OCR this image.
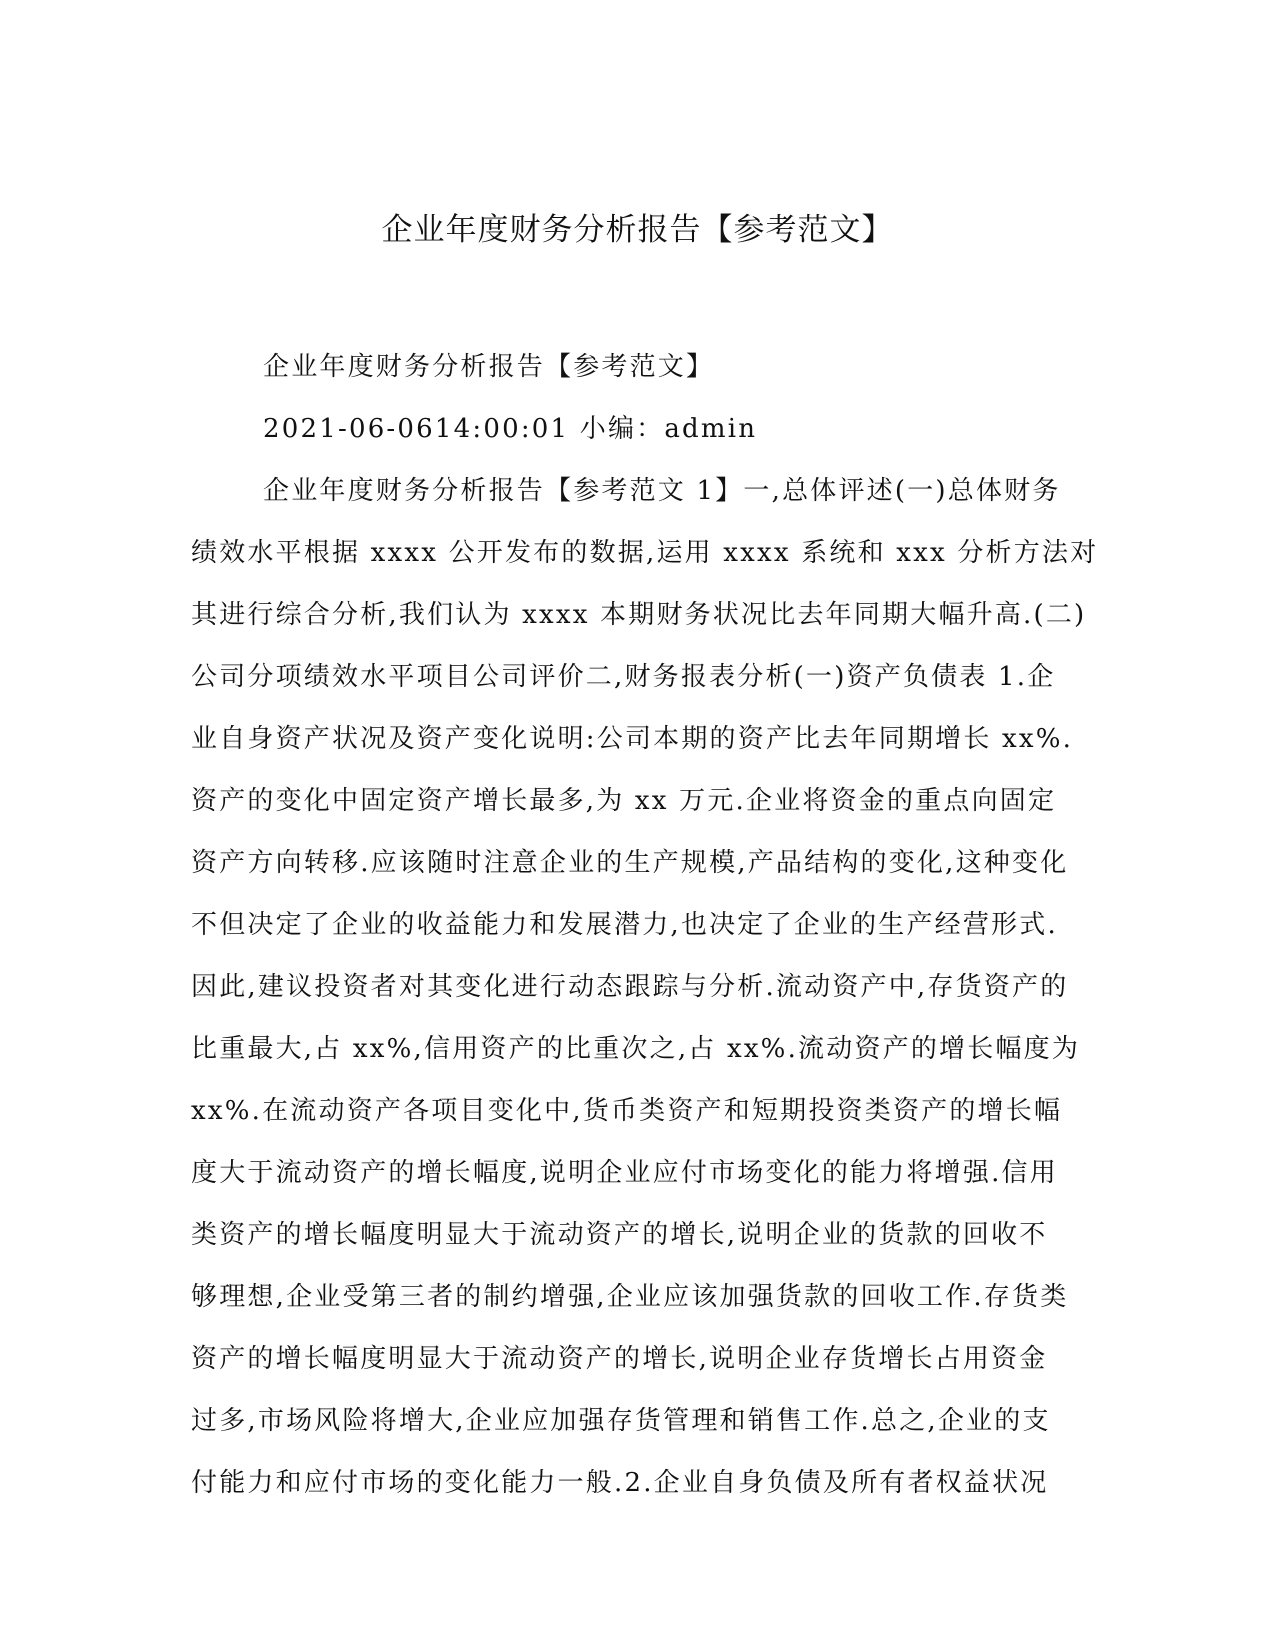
企业年度财务分析报告【参考范文】
企业年度财务分析报告【参考范文】
2021-06-0614:00:01 小编：admin
企业年度财务分析报告【参考范文 1】一,总体评述(一)总体财务
绩效水平根据 xxxx 公开发布的数据,运用 xxxx 系统和 xxx 分析方法对
其进行综合分析,我们认为 xxxx 本期财务状况比去年同期大幅升高.(二)
公司分项绩效水平项目公司评价二,财务报表分析(一)资产负债表 1.企
业自身资产状况及资产变化说明:公司本期的资产比去年同期增长 xx%.
资产的变化中固定资产增长最多,为 xx 万元.企业将资金的重点向固定
资产方向转移.应该随时注意企业的生产规模,产品结构的变化,这种变化
不但决定了企业的收益能力和发展潜力,也决定了企业的生产经营形式.
因此,建议投资者对其变化进行动态跟踪与分析.流动资产中,存货资产的
比重最大,占 xx%,信用资产的比重次之,占 xx%.流动资产的增长幅度为
xx%.在流动资产各项目变化中,货币类资产和短期投资类资产的增长幅
度大于流动资产的增长幅度,说明企业应付市场变化的能力将增强.信用
类资产的增长幅度明显大于流动资产的增长,说明企业的货款的回收不
够理想,企业受第三者的制约增强,企业应该加强货款的回收工作.存货类
资产的增长幅度明显大于流动资产的增长,说明企业存货增长占用资金
过多,市场风险将增大,企业应加强存货管理和销售工作.总之,企业的支
付能力和应付市场的变化能力一般.2.企业自身负债及所有者权益状况
